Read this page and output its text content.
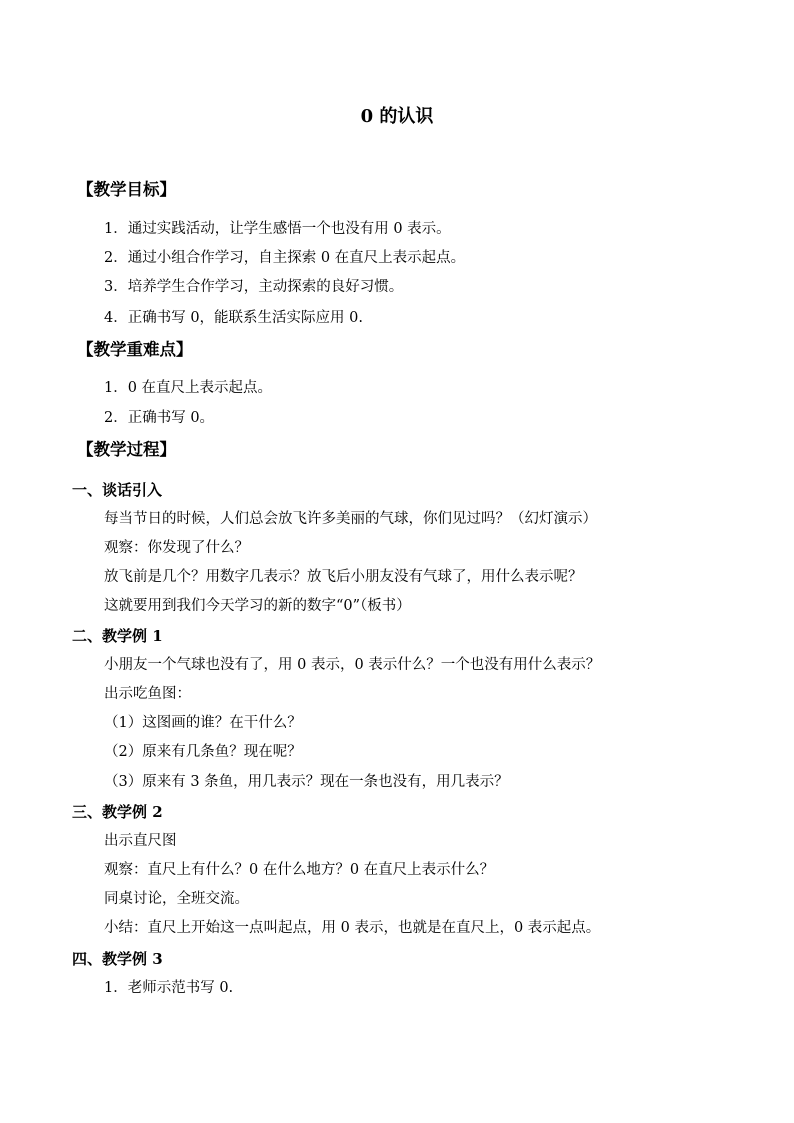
0 的认识
【教学目标】
1．通过实践活动，让学生感悟一个也没有用 0 表示。
2．通过小组合作学习，自主探索 0 在直尺上表示起点。
3．培养学生合作学习，主动探索的良好习惯。
4．正确书写 0，能联系生活实际应用 0.
【教学重难点】
1．0 在直尺上表示起点。
2．正确书写 0。
【教学过程】
一、谈话引入
每当节日的时候，人们总会放飞许多美丽的气球，你们见过吗？（幻灯演示）
观察：你发现了什么？
放飞前是几个？用数字几表示？放飞后小朋友没有气球了，用什么表示呢？
这就要用到我们今天学习的新的数字“0”（板书）
二、教学例 1
小朋友一个气球也没有了，用 0 表示，0 表示什么？一个也没有用什么表示？
出示吃鱼图：
（1）这图画的谁？在干什么？
（2）原来有几条鱼？现在呢？
（3）原来有 3 条鱼，用几表示？现在一条也没有，用几表示？
三、教学例 2
出示直尺图
观察：直尺上有什么？0 在什么地方？0 在直尺上表示什么？
同桌讨论，全班交流。
小结：直尺上开始这一点叫起点，用 0 表示，也就是在直尺上，0 表示起点。
四、教学例 3
1．老师示范书写 0.
